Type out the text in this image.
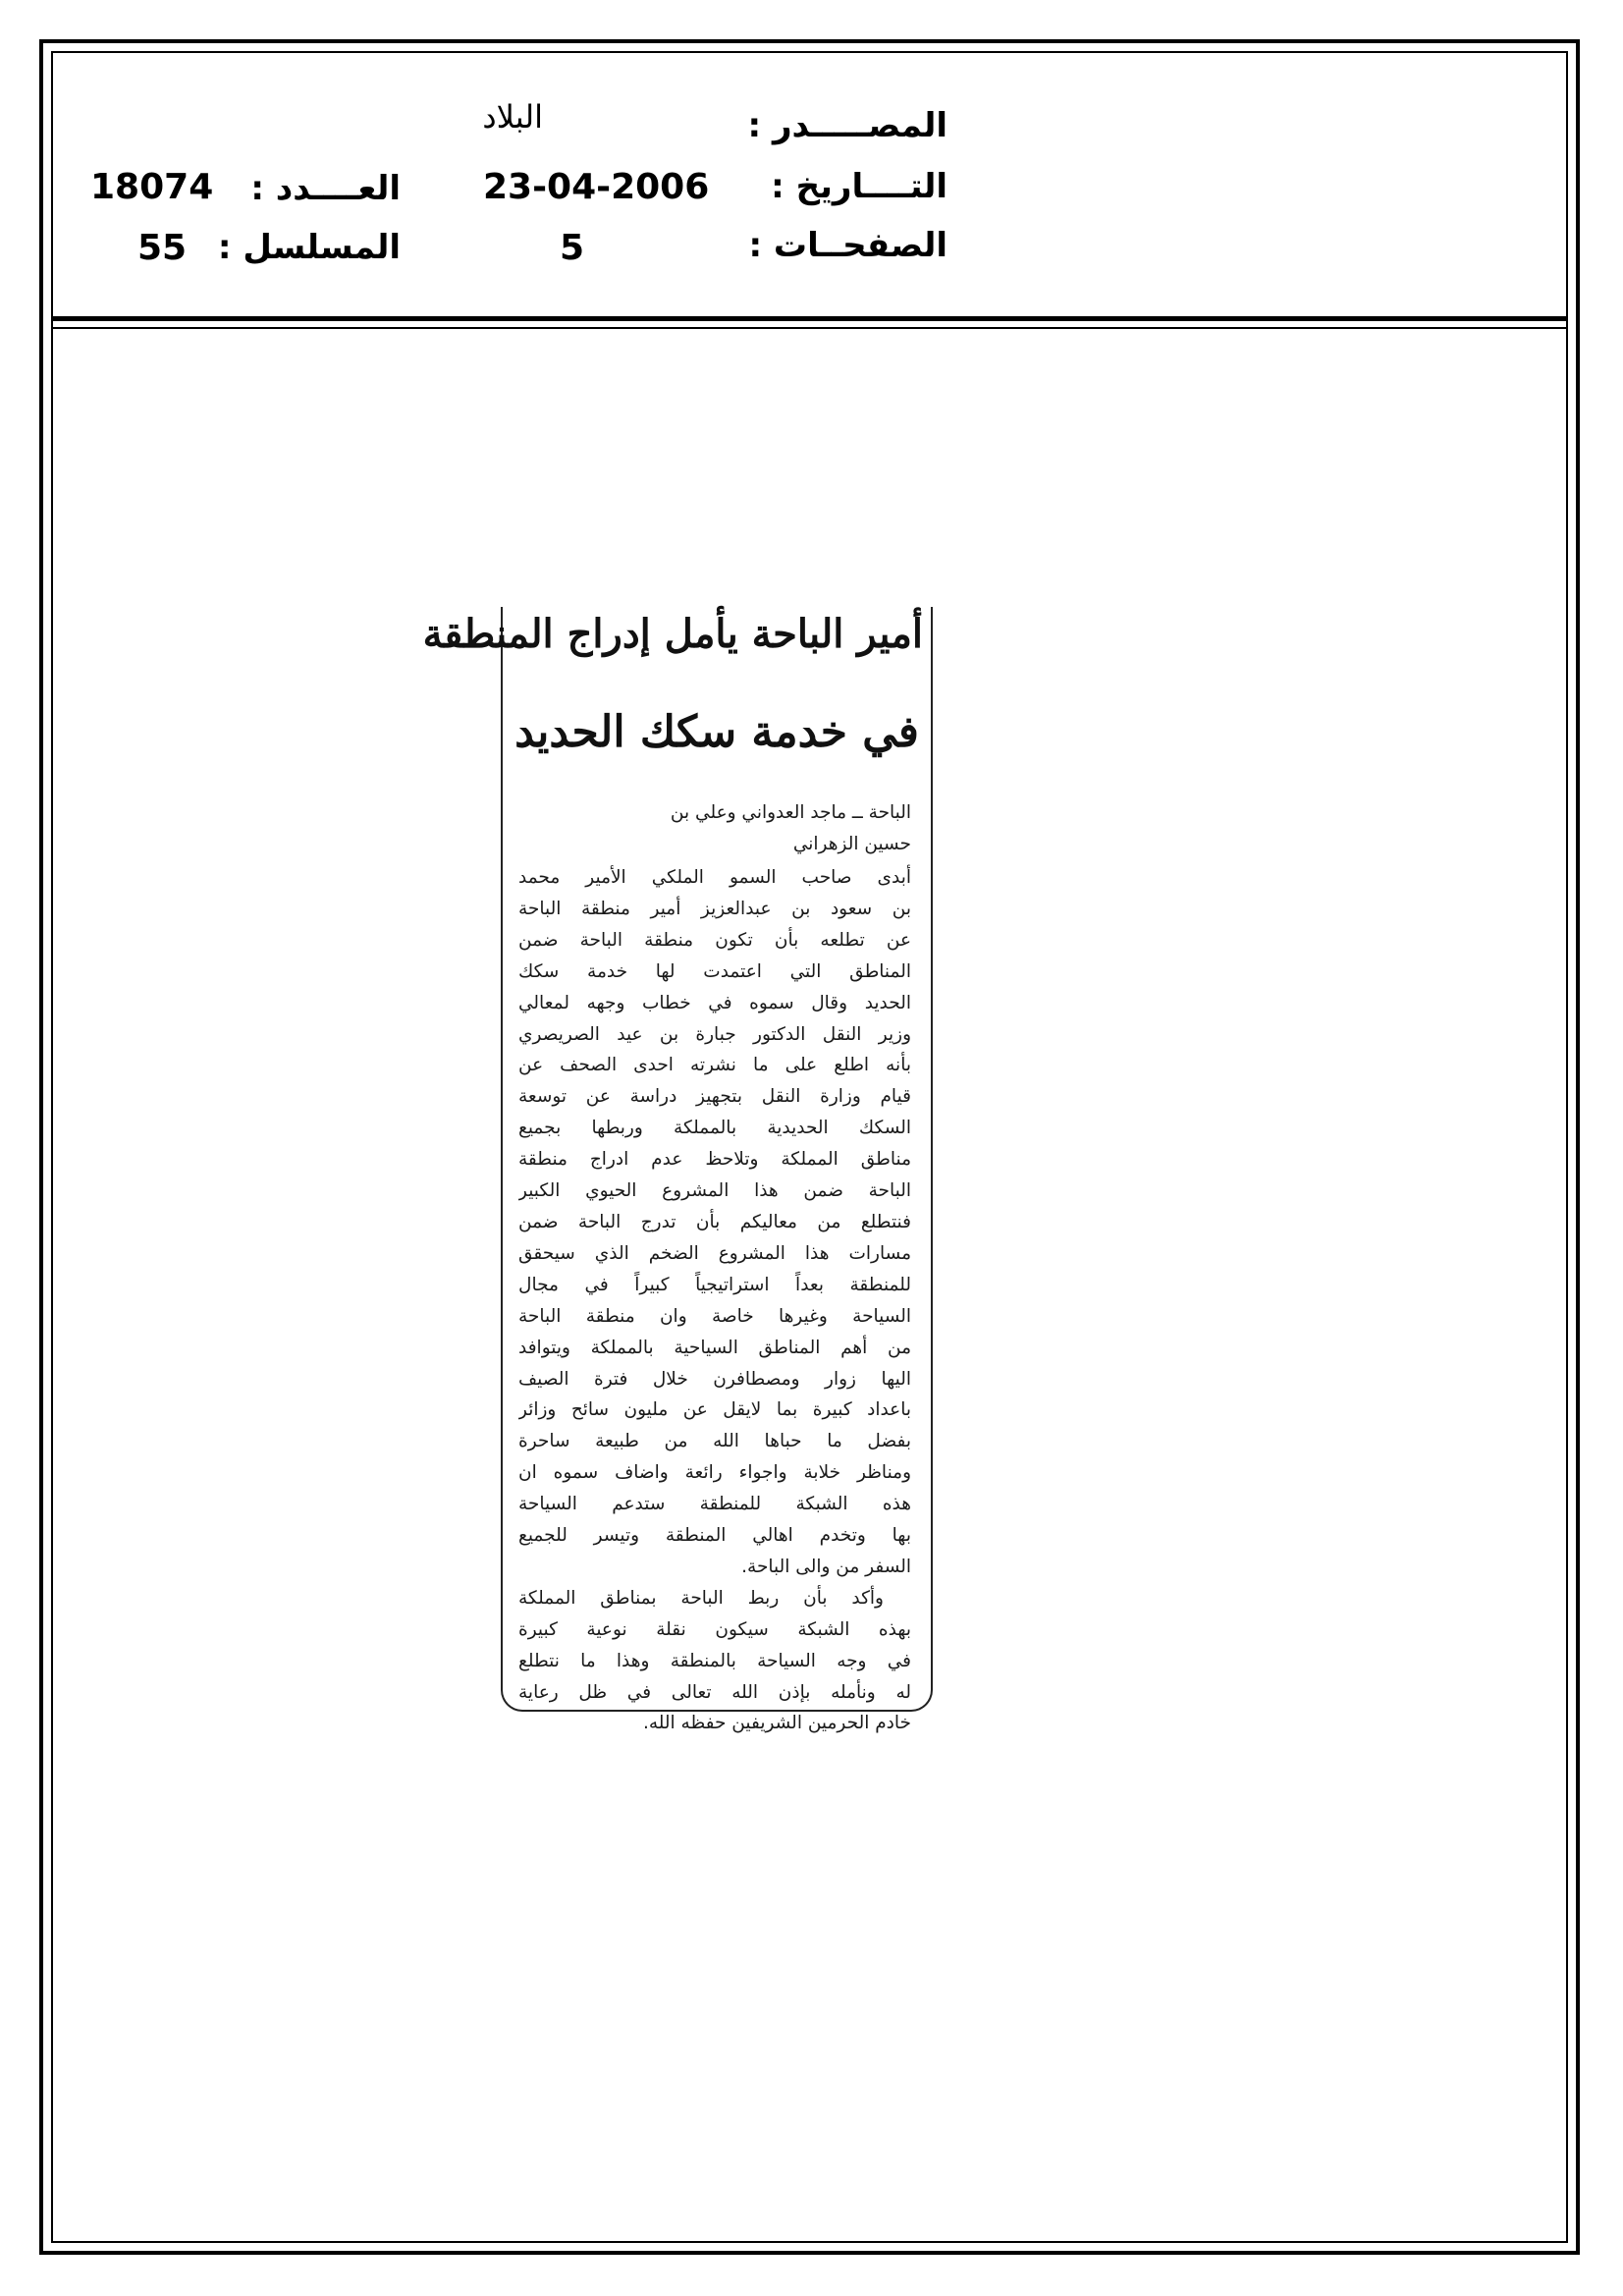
المصـــــدر :
البلاد
التــــاريخ :
23-04-2006
العــــدد :
18074
الصفحــات :
5
المسلسل :
55
أمير الباحة يأمل إدراج المنطقة
في خدمة سكك الحديد
الباحة ــ ماجد العدواني وعلي بن
حسين الزهراني
أبدى صاحب السمو الملكي الأمير محمد
بن سعود بن عبدالعزيز أمير منطقة الباحة
عن تطلعه بأن تكون منطقة الباحة ضمن
المناطق التي اعتمدت لها خدمة سكك
الحديد وقال سموه في خطاب وجهه لمعالي
وزير النقل الدكتور جبارة بن عيد الصريصري
بأنه اطلع على ما نشرته احدى الصحف عن
قيام وزارة النقل بتجهيز دراسة عن توسعة
السكك الحديدية بالمملكة وربطها بجميع
مناطق المملكة وتلاحظ عدم ادراج منطقة
الباحة ضمن هذا المشروع الحيوي الكبير
فنتطلع من معاليكم بأن تدرج الباحة ضمن
مسارات هذا المشروع الضخم الذي سيحقق
للمنطقة بعداً استراتيجياً كبيراً في مجال
السياحة وغيرها خاصة وان منطقة الباحة
من أهم المناطق السياحية بالمملكة ويتوافد
اليها زوار ومصطافرن خلال فترة الصيف
باعداد كبيرة بما لايقل عن مليون سائح وزائر
بفضل ما حباها الله من طبيعة ساحرة
ومناظر خلابة واجواء رائعة واضاف سموه ان
هذه الشبكة للمنطقة ستدعم السياحة
بها وتخدم اهالي المنطقة وتيسر للجميع
السفر من والى الباحة.
وأكد بأن ربط الباحة بمناطق المملكة
بهذه الشبكة سيكون نقلة نوعية كبيرة
في وجه السياحة بالمنطقة وهذا ما نتطلع
له ونأمله بإذن الله تعالى في ظل رعاية
خادم الحرمين الشريفين حفظه الله.
